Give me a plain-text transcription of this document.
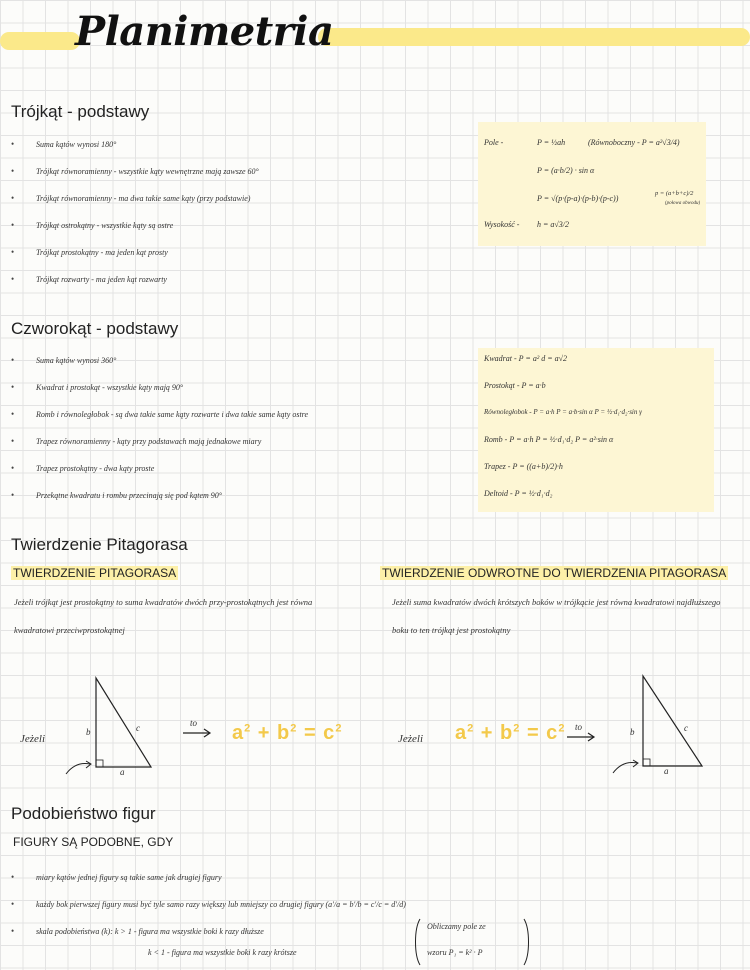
Planimetria
Trójkąt - podstawy
• Suma kątów wynosi 180°
• Trójkąt równoramienny - wszystkie kąty wewnętrzne mają zawsze 60°
• Trójkąt równoramienny - ma dwa takie same kąty (przy podstawie)
• Trójkąt ostrokątny - wszystkie kąty są ostre
• Trójkąt prostokątny - ma jeden kąt prosty
• Trójkąt rozwarty - ma jeden kąt rozwarty
Pole -	P = ½ah	(Równoboczny - P = a²√3/4)
P = (a·b/2) · sin α
P = √(p·(p-a)·(p-b)·(p-c))
p = (a+b+c)/2
(połowa obwodu)
Wysokość - h = a√3/2
Czworokąt - podstawy
• Suma kątów wynosi 360°
• Kwadrat i prostokąt - wszystkie kąty mają 90°
• Romb i równoległobok - są dwa takie same kąty rozwarte i dwa takie same kąty ostre
• Trapez równoramienny - kąty przy podstawach mają jednakowe miary
• Trapez prostokątny - dwa kąty proste
• Przekątne kwadratu i rombu przecinają się pod kątem 90°
Kwadrat - P = a² d = a√2
Prostokąt - P = a·b
Równoległobok - P = a·h P = a·b·sin α P = ½·d₁·d₂·sin γ
Romb - P = a·h P = ½·d₁·d₂ P = a²·sin α
Trapez - P = ((a+b)/2)·h
Deltoid - P = ½·d₁·d₂
Twierdzenie Pitagorasa
TWIERDZENIE PITAGORASA	TWIERDZENIE ODWROTNE DO TWIERDZENIA PITAGORASA
Jeżeli trójkąt jest prostokątny to suma kwadratów dwóch przy-prostokątnych jest równa kwadratowi przeciwprostokątnej
Jeżeli suma kwadratów dwóch krótszych boków w trójkącie jest równa kwadratowi najdłuższego boku to ten trójkąt jest prostokątny
Jeżeli
b	c
a
to $a^2 + b^2 = c^2$
Jeżeli $a^2 + b^2 = c^2$ to	b	c
a
Podobieństwo figur
FIGURY SĄ PODOBNE, GDY
• miary kątów jednej figury są takie same jak drugiej figury
• każdy bok pierwszej figury musi być tyle samo razy większy lub mniejszy co drugiej figury (a'/a = b'/b = c'/c = d'/d)
• skala podobieństwa (k): k > 1 - figura ma wszystkie boki k razy dłuższe
k < 1 - figura ma wszystkie boki k razy krótsze
Obliczamy pole ze
wzoru P₁ = k² · P
